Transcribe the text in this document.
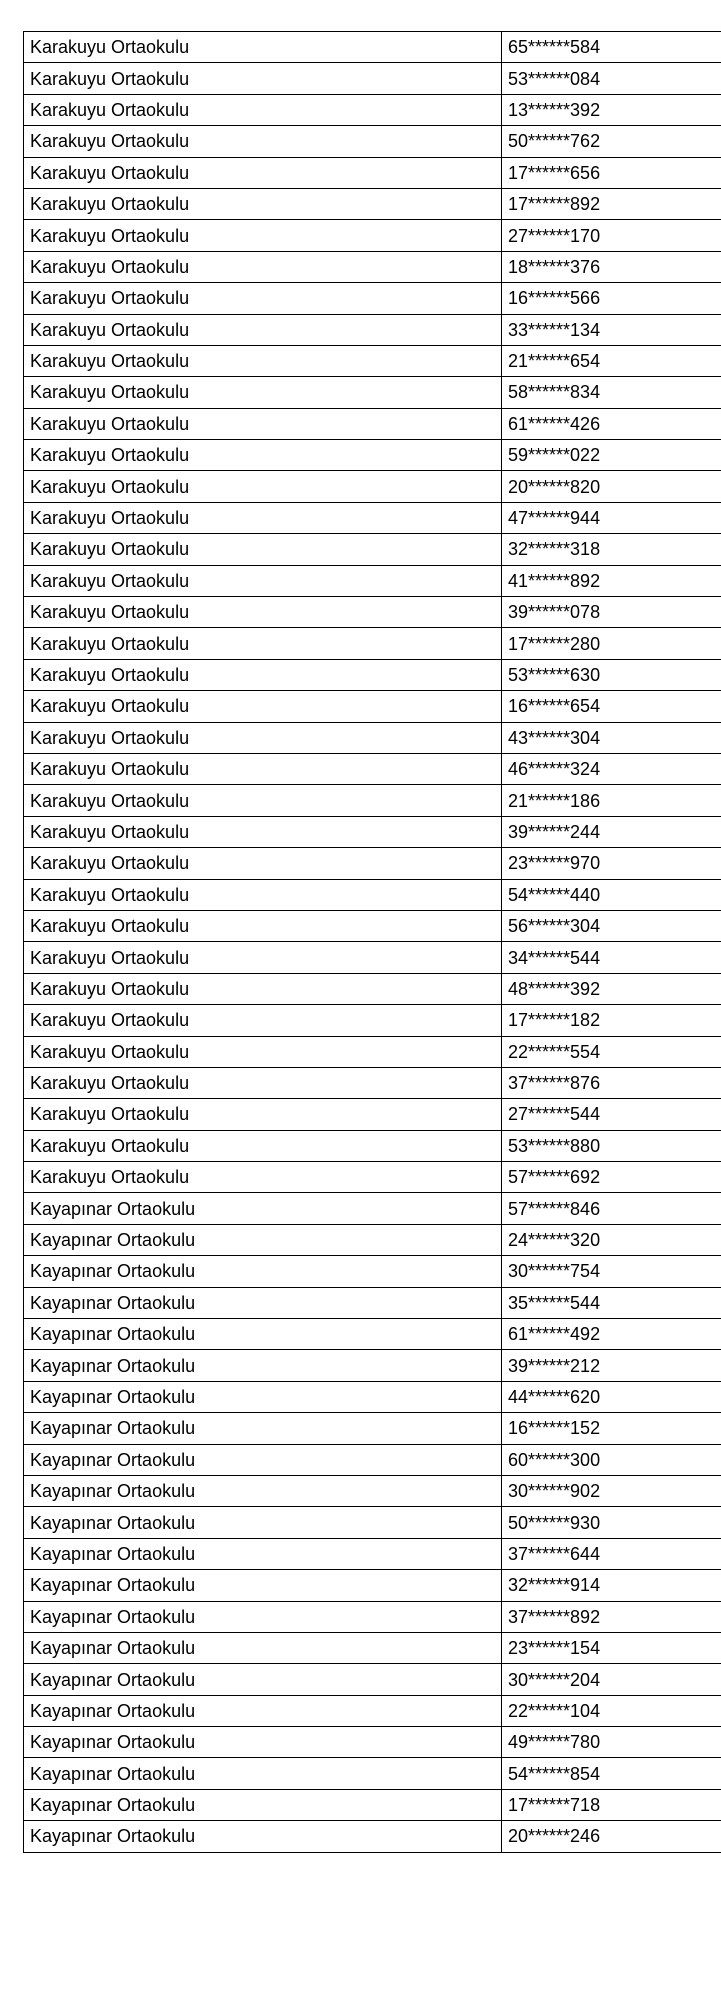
Karakuyu Ortaokulu	65******584
Karakuyu Ortaokulu	53******084
Karakuyu Ortaokulu	13******392
Karakuyu Ortaokulu	50******762
Karakuyu Ortaokulu	17******656
Karakuyu Ortaokulu	17******892
Karakuyu Ortaokulu	27******170
Karakuyu Ortaokulu	18******376
Karakuyu Ortaokulu	16******566
Karakuyu Ortaokulu	33******134
Karakuyu Ortaokulu	21******654
Karakuyu Ortaokulu	58******834
Karakuyu Ortaokulu	61******426
Karakuyu Ortaokulu	59******022
Karakuyu Ortaokulu	20******820
Karakuyu Ortaokulu	47******944
Karakuyu Ortaokulu	32******318
Karakuyu Ortaokulu	41******892
Karakuyu Ortaokulu	39******078
Karakuyu Ortaokulu	17******280
Karakuyu Ortaokulu	53******630
Karakuyu Ortaokulu	16******654
Karakuyu Ortaokulu	43******304
Karakuyu Ortaokulu	46******324
Karakuyu Ortaokulu	21******186
Karakuyu Ortaokulu	39******244
Karakuyu Ortaokulu	23******970
Karakuyu Ortaokulu	54******440
Karakuyu Ortaokulu	56******304
Karakuyu Ortaokulu	34******544
Karakuyu Ortaokulu	48******392
Karakuyu Ortaokulu	17******182
Karakuyu Ortaokulu	22******554
Karakuyu Ortaokulu	37******876
Karakuyu Ortaokulu	27******544
Karakuyu Ortaokulu	53******880
Karakuyu Ortaokulu	57******692
Kayapınar Ortaokulu	57******846
Kayapınar Ortaokulu	24******320
Kayapınar Ortaokulu	30******754
Kayapınar Ortaokulu	35******544
Kayapınar Ortaokulu	61******492
Kayapınar Ortaokulu	39******212
Kayapınar Ortaokulu	44******620
Kayapınar Ortaokulu	16******152
Kayapınar Ortaokulu	60******300
Kayapınar Ortaokulu	30******902
Kayapınar Ortaokulu	50******930
Kayapınar Ortaokulu	37******644
Kayapınar Ortaokulu	32******914
Kayapınar Ortaokulu	37******892
Kayapınar Ortaokulu	23******154
Kayapınar Ortaokulu	30******204
Kayapınar Ortaokulu	22******104
Kayapınar Ortaokulu	49******780
Kayapınar Ortaokulu	54******854
Kayapınar Ortaokulu	17******718
Kayapınar Ortaokulu	20******246
